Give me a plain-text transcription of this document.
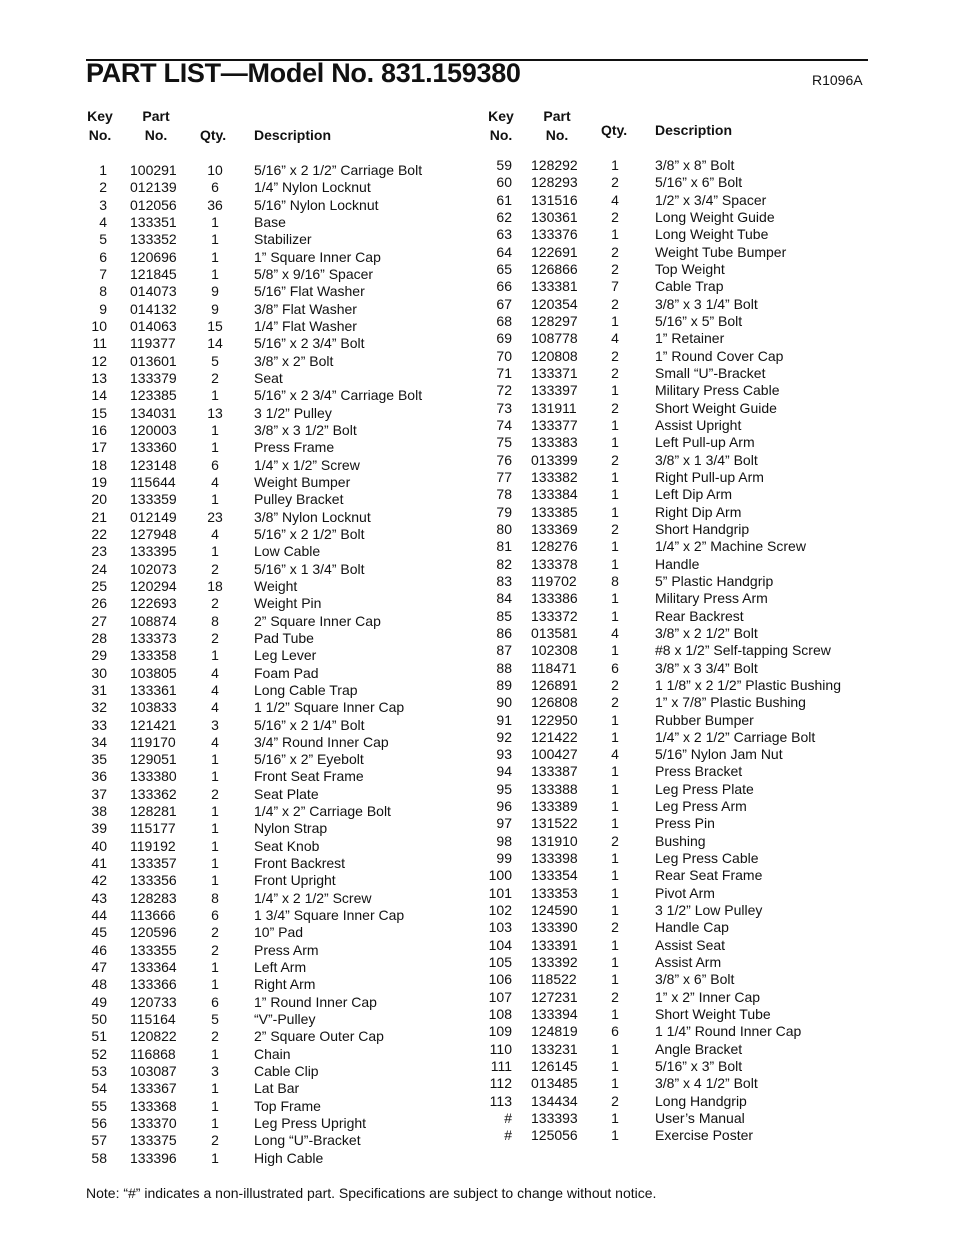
PART LIST—Model No. 831.159380	R1096A
Key
No.
Part
No.	Qty. Description
Key
No.
Part
No.	Qty. Description
1 100291	10	5/16” x 2 1/2” Carriage Bolt
2 012139	6	1/4” Nylon Locknut
3 012056	36	5/16” Nylon Locknut
4 133351	1	Base
5 133352	1	Stabilizer
6 120696	1	1” Square Inner Cap
7 121845	1	5/8” x 9/16” Spacer
8 014073	9	5/16” Flat Washer
9 014132	9	3/8” Flat Washer
10 014063	15	1/4” Flat Washer
11 119377	14	5/16” x 2 3/4” Bolt
12 013601	5	3/8” x 2” Bolt
13 133379	2	Seat
14 123385	1	5/16” x 2 3/4” Carriage Bolt
15 134031	13	3 1/2” Pulley
16 120003	1	3/8” x 3 1/2” Bolt
17 133360	1	Press Frame
18 123148	6	1/4” x 1/2” Screw
19 115644	4	Weight Bumper
20 133359	1	Pulley Bracket
21 012149	23	3/8” Nylon Locknut
22 127948	4	5/16” x 2 1/2” Bolt
23 133395	1	Low Cable
24 102073	2	5/16” x 1 3/4” Bolt
25 120294	18	Weight
26 122693	2	Weight Pin
27 108874	8	2” Square Inner Cap
28 133373	2	Pad Tube
29 133358	1	Leg Lever
30 103805	4	Foam Pad
31 133361	4	Long Cable Trap
32 103833	4	1 1/2” Square Inner Cap
33 121421	3	5/16” x 2 1/4” Bolt
34 119170	4	3/4” Round Inner Cap
35 129051	1	5/16” x 2” Eyebolt
36 133380	1	Front Seat Frame
37 133362	2	Seat Plate
38 128281	1	1/4” x 2” Carriage Bolt
39 115177	1	Nylon Strap
40 119192	1	Seat Knob
41 133357	1	Front Backrest
42 133356	1	Front Upright
43 128283	8	1/4” x 2 1/2” Screw
44 113666	6	1 3/4” Square Inner Cap
45 120596	2	10” Pad
46 133355	2	Press Arm
47 133364	1	Left Arm
48 133366	1	Right Arm
49 120733	6	1” Round Inner Cap
50 115164	5	“V”-Pulley
51 120822	2	2” Square Outer Cap
52 116868	1	Chain
53 103087	3	Cable Clip
54 133367	1	Lat Bar
55 133368	1	Top Frame
56 133370	1	Leg Press Upright
57 133375	2	Long “U”-Bracket
58 133396	1	High Cable
59 128292	1	3/8” x 8” Bolt
60 128293	2	5/16” x 6” Bolt
61 131516	4	1/2” x 3/4” Spacer
62 130361	2	Long Weight Guide
63 133376	1	Long Weight Tube
64 122691	2	Weight Tube Bumper
65 126866	2	Top Weight
66 133381	7	Cable Trap
67 120354	2	3/8” x 3 1/4” Bolt
68 128297	1	5/16” x 5” Bolt
69 108778	4	1” Retainer
70 120808	2	1” Round Cover Cap
71 133371	2	Small “U”-Bracket
72 133397	1	Military Press Cable
73 131911	2	Short Weight Guide
74 133377	1	Assist Upright
75 133383	1	Left Pull-up Arm
76 013399	2	3/8” x 1 3/4” Bolt
77 133382	1	Right Pull-up Arm
78 133384	1	Left Dip Arm
79 133385	1	Right Dip Arm
80 133369	2	Short Handgrip
81 128276	1	1/4” x 2” Machine Screw
82 133378	1	Handle
83 119702	8	5” Plastic Handgrip
84 133386	1	Military Press Arm
85 133372	1	Rear Backrest
86 013581	4	3/8” x 2 1/2” Bolt
87 102308	1	#8 x 1/2” Self-tapping Screw
88 118471	6	3/8” x 3 3/4” Bolt
89 126891	2	1 1/8” x 2 1/2” Plastic Bushing
90 126808	2	1” x 7/8” Plastic Bushing
91 122950	1	Rubber Bumper
92 121422	1	1/4” x 2 1/2” Carriage Bolt
93 100427	4	5/16” Nylon Jam Nut
94 133387	1	Press Bracket
95 133388	1	Leg Press Plate
96 133389	1	Leg Press Arm
97 131522	1	Press Pin
98 131910	2	Bushing
99 133398	1	Leg Press Cable
100 133354	1	Rear Seat Frame
101 133353	1	Pivot Arm
102 124590	1	3 1/2” Low Pulley
103 133390	2	Handle Cap
104 133391	1	Assist Seat
105 133392	1	Assist Arm
106 118522	1	3/8” x 6” Bolt
107 127231	2	1” x 2” Inner Cap
108 133394	1	Short Weight Tube
109 124819	6	1 1/4” Round Inner Cap
110 133231	1	Angle Bracket
111 126145	1	5/16” x 3” Bolt
112 013485	1	3/8” x 4 1/2” Bolt
113 134434	2	Long Handgrip
# 133393	1	User’s Manual
# 125056	1	Exercise Poster
Note: “#” indicates a non-illustrated part. Specifications are subject to change without notice.
